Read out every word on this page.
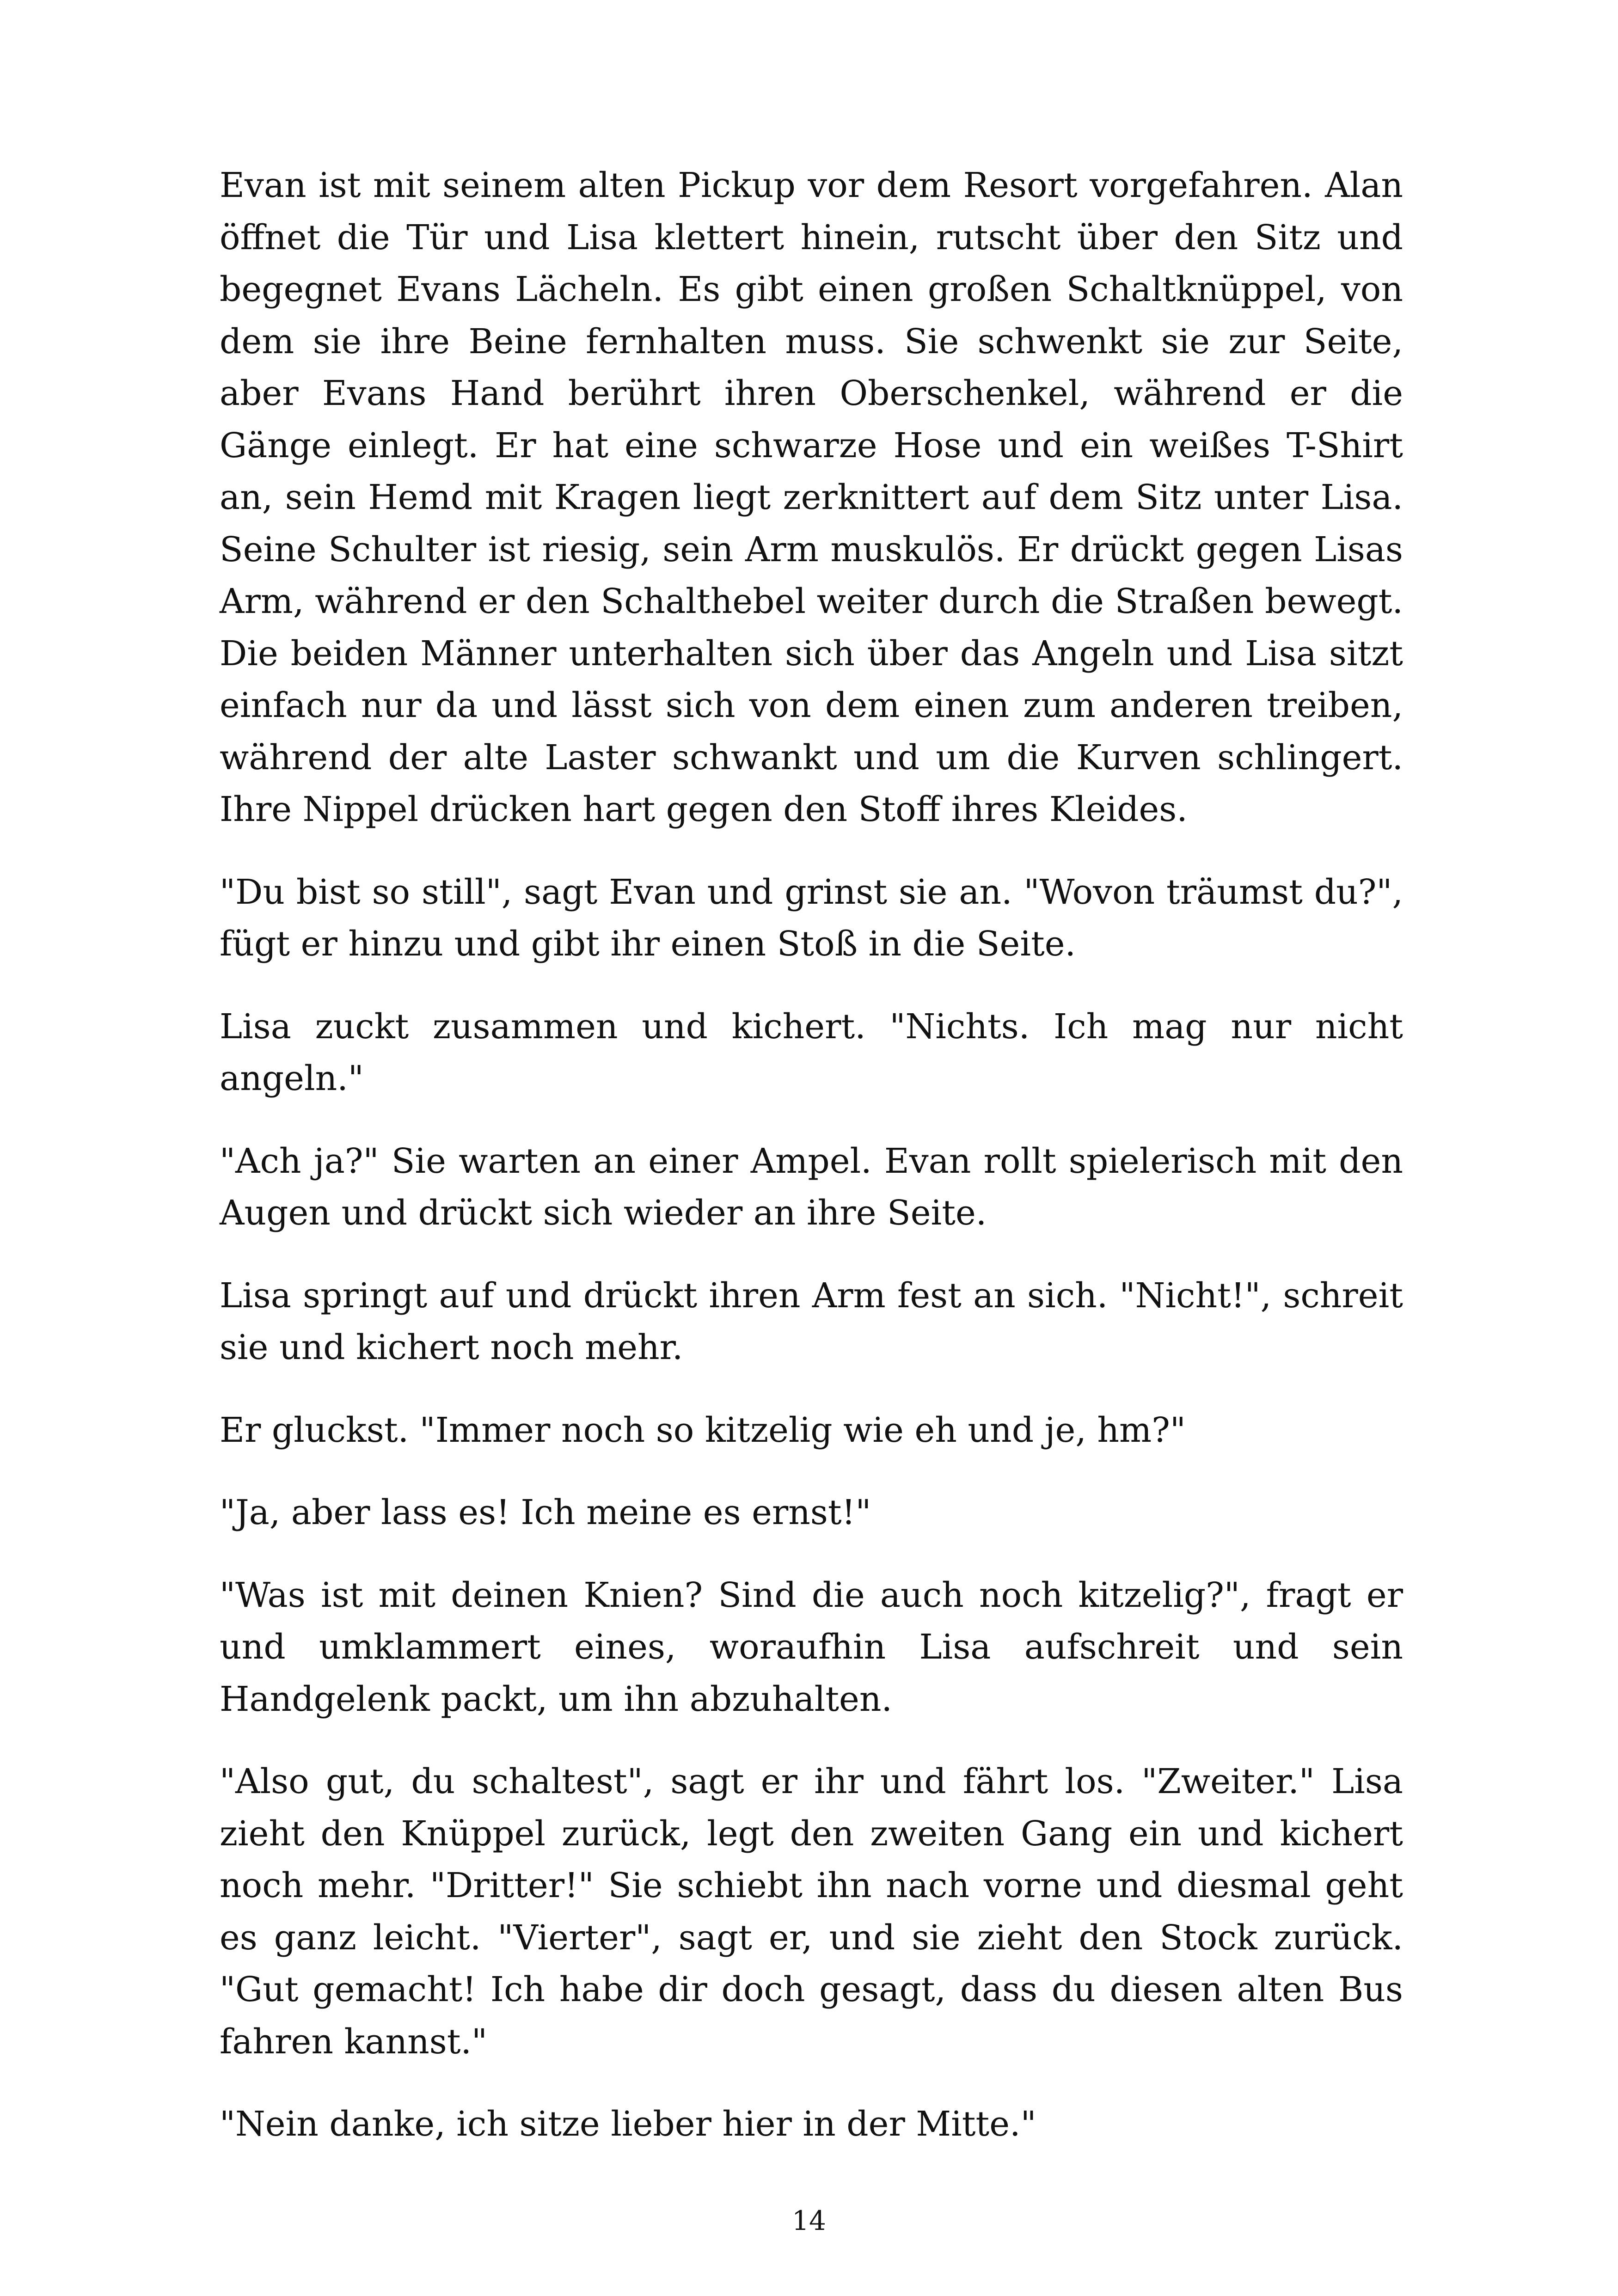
Evan ist mit seinem alten Pickup vor dem Resort vorgefahren. Alan öffnet die Tür und Lisa klettert hinein, rutscht über den Sitz und begegnet Evans Lächeln. Es gibt einen großen Schaltknüppel, von dem sie ihre Beine fernhalten muss. Sie schwenkt sie zur Seite, aber Evans Hand berührt ihren Oberschenkel, während er die Gänge einlegt. Er hat eine schwarze Hose und ein weißes T-Shirt an, sein Hemd mit Kragen liegt zerknittert auf dem Sitz unter Lisa. Seine Schulter ist riesig, sein Arm muskulös. Er drückt gegen Lisas Arm, während er den Schalthebel weiter durch die Straßen bewegt. Die beiden Männer unterhalten sich über das Angeln und Lisa sitzt einfach nur da und lässt sich von dem einen zum anderen treiben, während der alte Laster schwankt und um die Kurven schlingert. Ihre Nippel drücken hart gegen den Stoff ihres Kleides.

"Du bist so still", sagt Evan und grinst sie an. "Wovon träumst du?", fügt er hinzu und gibt ihr einen Stoß in die Seite.

Lisa zuckt zusammen und kichert. "Nichts. Ich mag nur nicht angeln."

"Ach ja?" Sie warten an einer Ampel. Evan rollt spielerisch mit den Augen und drückt sich wieder an ihre Seite.

Lisa springt auf und drückt ihren Arm fest an sich. "Nicht!", schreit sie und kichert noch mehr.

Er gluckst. "Immer noch so kitzelig wie eh und je, hm?"

"Ja, aber lass es! Ich meine es ernst!"

"Was ist mit deinen Knien? Sind die auch noch kitzelig?", fragt er und umklammert eines, woraufhin Lisa aufschreit und sein Handgelenk packt, um ihn abzuhalten.

"Also gut, du schaltest", sagt er ihr und fährt los. "Zweiter." Lisa zieht den Knüppel zurück, legt den zweiten Gang ein und kichert noch mehr. "Dritter!" Sie schiebt ihn nach vorne und diesmal geht es ganz leicht. "Vierter", sagt er, und sie zieht den Stock zurück. "Gut gemacht! Ich habe dir doch gesagt, dass du diesen alten Bus fahren kannst."

"Nein danke, ich sitze lieber hier in der Mitte."

14
